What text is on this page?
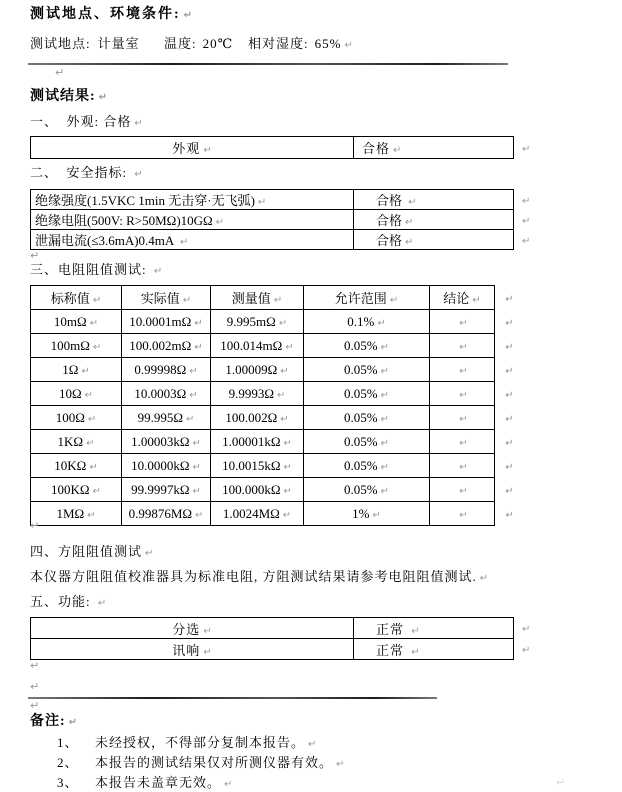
测试地点、环境条件: ↵
测试地点: 计量室 温度: 20℃ 相对湿度: 65% ↵
↵
测试结果: ↵
一、  外观: 合格 ↵
外观 ↵	合格 ↵	↵
二、  安全指标: ↵
绝缘强度(1.5VKC 1min 无击穿·无飞弧) ↵	合格 ↵	↵
绝缘电阻(500V: R>50MΩ)10GΩ ↵	合格 ↵	↵
泄漏电流(≤3.6mA)0.4mA ↵	合格 ↵	↵
↵
三、电阻阻值测试: ↵
标称值 ↵	实际值 ↵	测量值 ↵	允许范围 ↵	结论 ↵	↵
10mΩ ↵	10.0001mΩ ↵	9.995mΩ ↵	0.1% ↵	↵	↵
100mΩ ↵	100.002mΩ ↵	100.014mΩ ↵	0.05% ↵	↵	↵
1Ω ↵	0.99998Ω ↵	1.00009Ω ↵	0.05% ↵	↵	↵
10Ω ↵	10.0003Ω ↵	9.9993Ω ↵	0.05% ↵	↵	↵
100Ω ↵	99.995Ω ↵	100.002Ω ↵	0.05% ↵	↵	↵
1KΩ ↵	1.00003kΩ ↵	1.00001kΩ ↵	0.05% ↵	↵	↵
10KΩ ↵	10.0000kΩ ↵	10.0015kΩ ↵	0.05% ↵	↵	↵
100KΩ ↵	99.9997kΩ ↵	100.000kΩ ↵	0.05% ↵	↵	↵
1MΩ ↵	0.99876MΩ ↵	1.0024MΩ ↵	1% ↵	↵	↵
↵
四、方阻阻值测试 ↵
本仪器方阻阻值校准器具为标准电阻, 方阻测试结果请参考电阻阻值测试. ↵
五、功能: ↵
分选 ↵	正常 ↵	↵
讯响 ↵	正常 ↵	↵
↵
↵
↵
备注: ↵
1、 未经授权，不得部分复制本报告。 ↵
2、 本报告的测试结果仅对所测仪器有效。 ↵
3、 本报告未盖章无效。 ↵	↵
